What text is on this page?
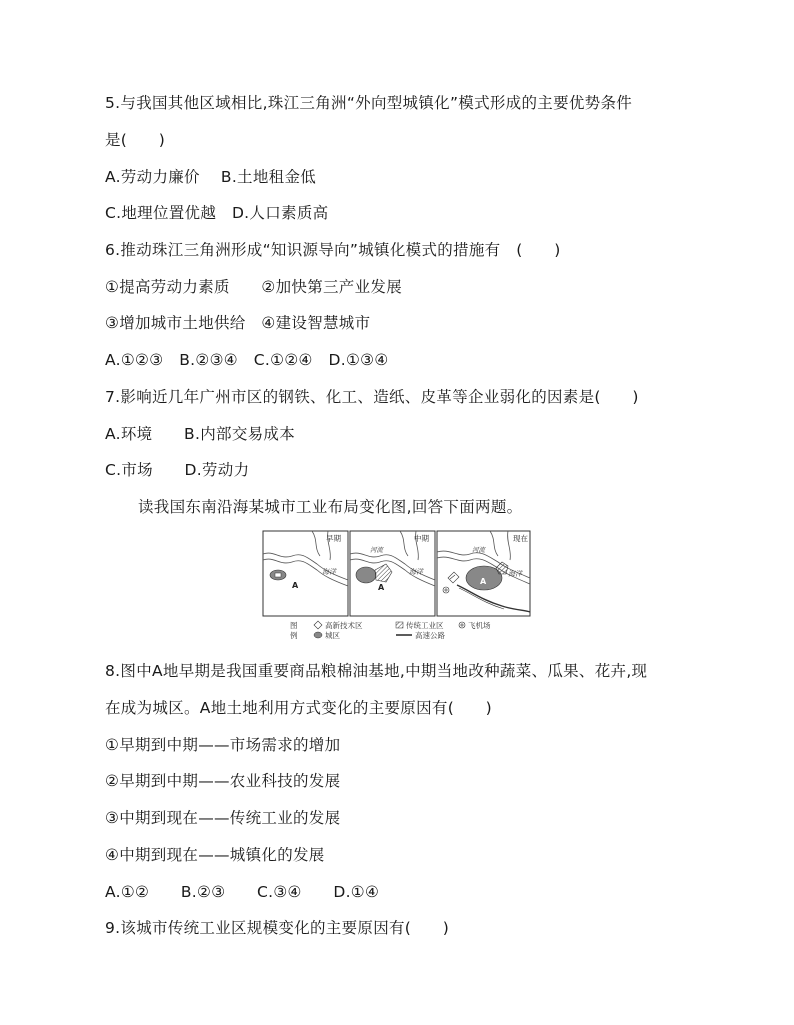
5.与我国其他区域相比,珠江三角洲“外向型城镇化”模式形成的主要优势条件
是(　　)
A.劳动力廉价　 B.土地租金低
C.地理位置优越　D.人口素质高
6.推动珠江三角洲形成“知识源导向”城镇化模式的措施有　(　　)
①提高劳动力素质　　②加快第三产业发展
③增加城市土地供给　④建设智慧城市
A.①②③　B.②③④　C.①②④　D.①③④
7.影响近几年广州市区的钢铁、化工、造纸、皮革等企业弱化的因素是(　　)
A.环境　　B.内部交易成本
C.市场　　D.劳动力
读我国东南沿海某城市工业布局变化图,回答下面两题。
A
海洋
早期
河流
海洋
A
中期
河流
海洋
A
现在
图
例
高新技术区
城区
传统工业区
高速公路
飞机场
8.图中A地早期是我国重要商品粮棉油基地,中期当地改种蔬菜、瓜果、花卉,现
在成为城区。A地土地利用方式变化的主要原因有(　　)
①早期到中期——市场需求的增加
②早期到中期——农业科技的发展
③中期到现在——传统工业的发展
④中期到现在——城镇化的发展
A.①②　　B.②③　　C.③④　　D.①④
9.该城市传统工业区规模变化的主要原因有(　　)
